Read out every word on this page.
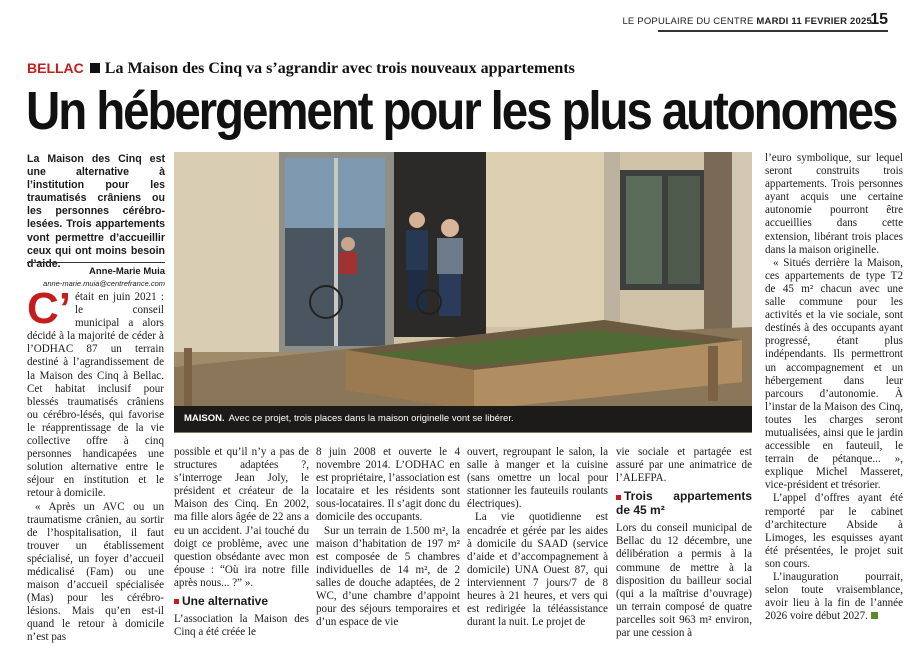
LE POPULAIRE DU CENTRE MARDI 11 FEVRIER 2025
15
BELLAC La Maison des Cinq va s’agrandir avec trois nouveaux appartements
Un hébergement pour les plus autonomes
La Maison des Cinq est une alternative à l’institution pour les traumatisés crâniens ou les personnes cérébro-lesées. Trois appartements vont permettre d’accueillir ceux qui ont moins besoin d’aide.
Anne-Marie Muia
anne-marie.muia@centrefrance.com

C’ était en juin 2021 : le conseil municipal a alors décidé à la majorité de céder à l’ODHAC 87 un terrain destiné à l’agrandissement de la Maison des Cinq à Bellac. Cet habitat inclusif pour blessés traumatisés crâniens ou cérébro-lésés, qui favorise le réapprentissage de la vie collective offre à cinq personnes handicapées une solution alternative entre le séjour en institution et le retour à domicile.

« Après un AVC ou un traumatisme crânien, au sortir de l’hospitalisation, il faut trouver un établissement spécialisé, un foyer d’accueil médicalisé (Fam) ou une maison d’accueil spécialisée (Mas) pour les cérébro-lésions. Mais qu’en est-il quand le retour à domicile n’est pas

MAISON. Avec ce projet, trois places dans la maison originelle vont se libérer.

possible et qu’il n’y a pas de structures adaptées ?, s’interroge Jean Joly, le président et créateur de la Maison des Cinq. En 2002, ma fille alors âgée de 22 ans a eu un accident. J’ai touché du doigt ce problème, avec une question obsédante avec mon épouse : “Où ira notre fille après nous... ?” ».

Une alternative

L’association la Maison des Cinq a été créée le

8 juin 2008 et ouverte le 4 novembre 2014. L’ODHAC en est propriétaire, l’association est locataire et les résidents sont sous-locataires. Il s’agit donc du domicile des occupants.

Sur un terrain de 1.500 m², la maison d’habitation de 197 m² est composée de 5 chambres individuelles de 14 m², de 2 salles de douche adaptées, de 2 WC, d’une chambre d’appoint pour des séjours temporaires et d’un espace de vie

ouvert, regroupant le salon, la salle à manger et la cuisine (sans omettre un local pour stationner les fauteuils roulants électriques).

La vie quotidienne est encadrée et gérée par les aides à domicile du SAAD (service d’aide et d’accompagnement à domicile) UNA Ouest 87, qui interviennent 7 jours/7 de 8 heures à 21 heures, et vers qui est redirigée la téléassistance durant la nuit. Le projet de

vie sociale et partagée est assuré par une animatrice de l’ALEFPA.

Trois appartements de 45 m²

Lors du conseil municipal de Bellac du 12 décembre, une délibération a permis à la commune de mettre à la disposition du bailleur social (qui a la maîtrise d’ouvrage) un terrain composé de quatre parcelles soit 963 m² environ, par une cession à

l’euro symbolique, sur lequel seront construits trois appartements. Trois personnes ayant acquis une certaine autonomie pourront être accueillies dans cette extension, libérant trois places dans la maison originelle.

« Situés derrière la Maison, ces appartements de type T2 de 45 m² chacun avec une salle commune pour les activités et la vie sociale, sont destinés à des occupants ayant progressé, étant plus indépendants. Ils permettront un accompagnement et un hébergement dans leur parcours d’autonomie. À l’instar de la Maison des Cinq, toutes les charges seront mutualisées, ainsi que le jardin accessible en fauteuil, le terrain de pétanque... », explique Michel Masseret, vice-président et trésorier.

L’appel d’offres ayant été remporté par le cabinet d’architecture Abside à Limoges, les esquisses ayant été présentées, le projet suit son cours.

L’inauguration pourrait, selon toute vraisemblance, avoir lieu à la fin de l’année 2026 voire début 2027.
